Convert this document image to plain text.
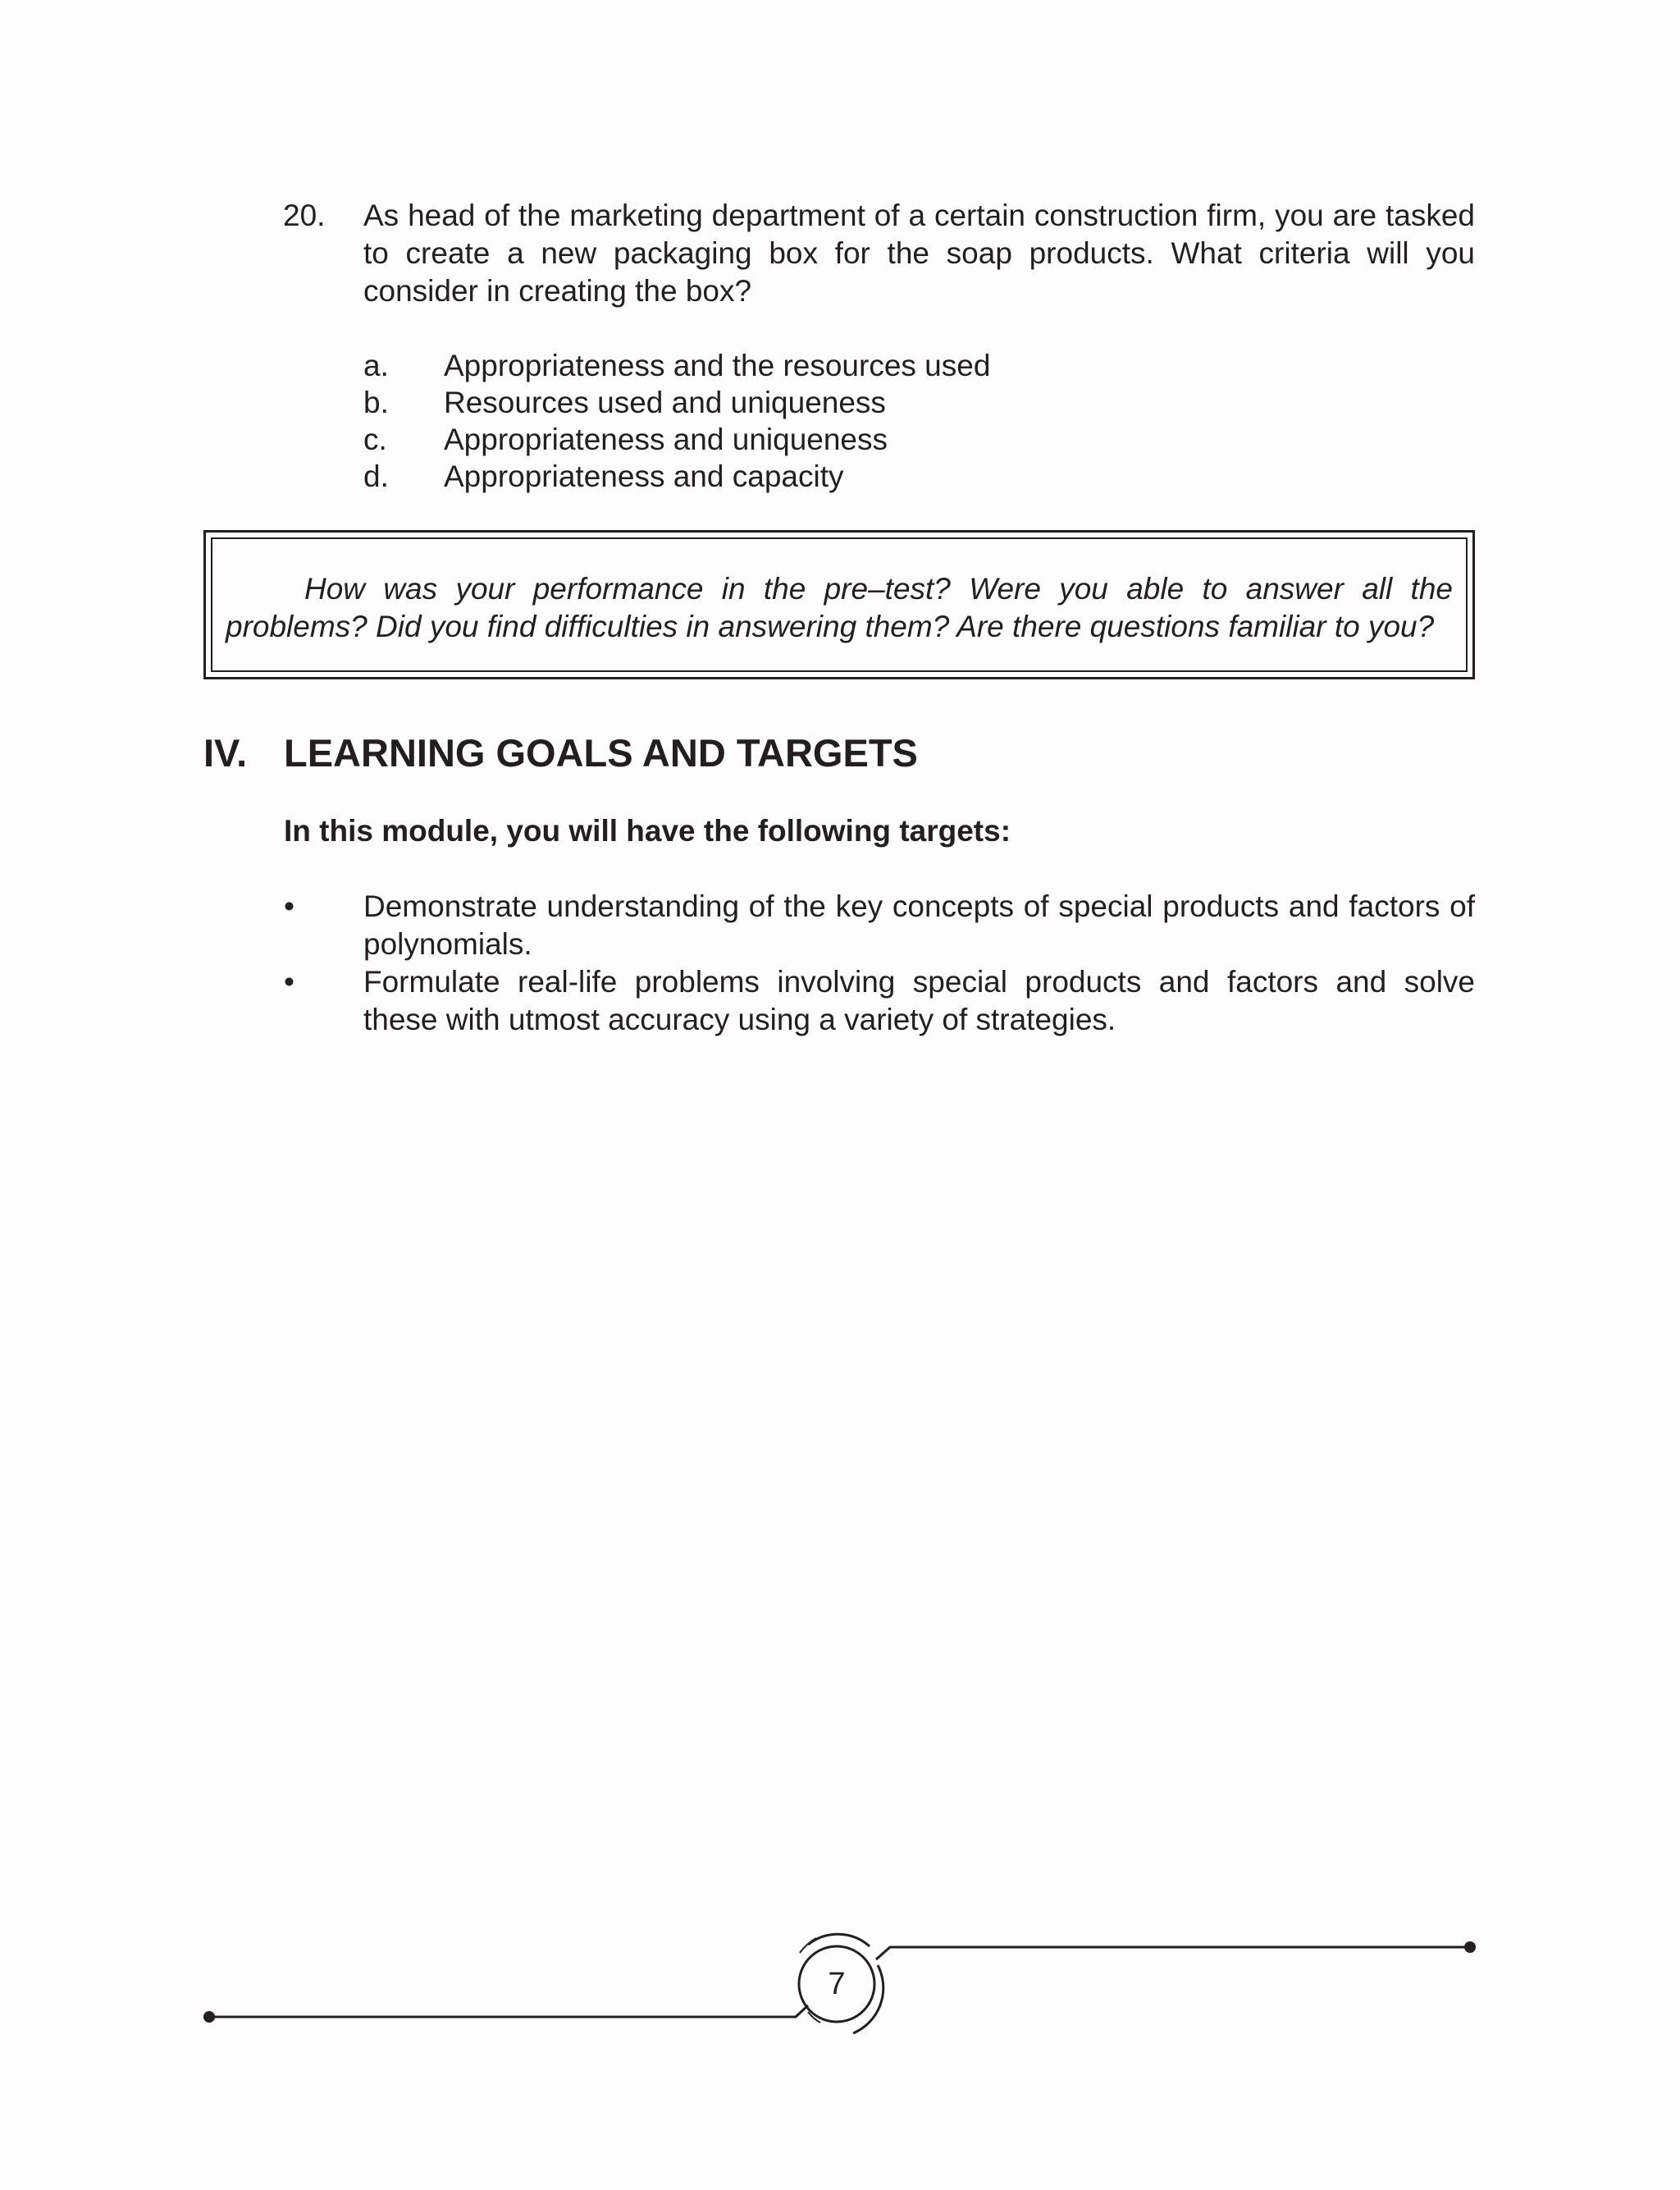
20. As head of the marketing department of a certain construction firm, you are tasked to create a new packaging box for the soap products. What criteria will you consider in creating the box?
a. Appropriateness and the resources used
b. Resources used and uniqueness
c. Appropriateness and uniqueness
d. Appropriateness and capacity
How was your performance in the pre–test? Were you able to answer all the problems? Did you find difficulties in answering them? Are there questions familiar to you?
IV. LEARNING GOALS AND TARGETS
In this module, you will have the following targets:
• Demonstrate understanding of the key concepts of special products and factors of polynomials.
• Formulate real-life problems involving special products and factors and solve these with utmost accuracy using a variety of strategies.
7
